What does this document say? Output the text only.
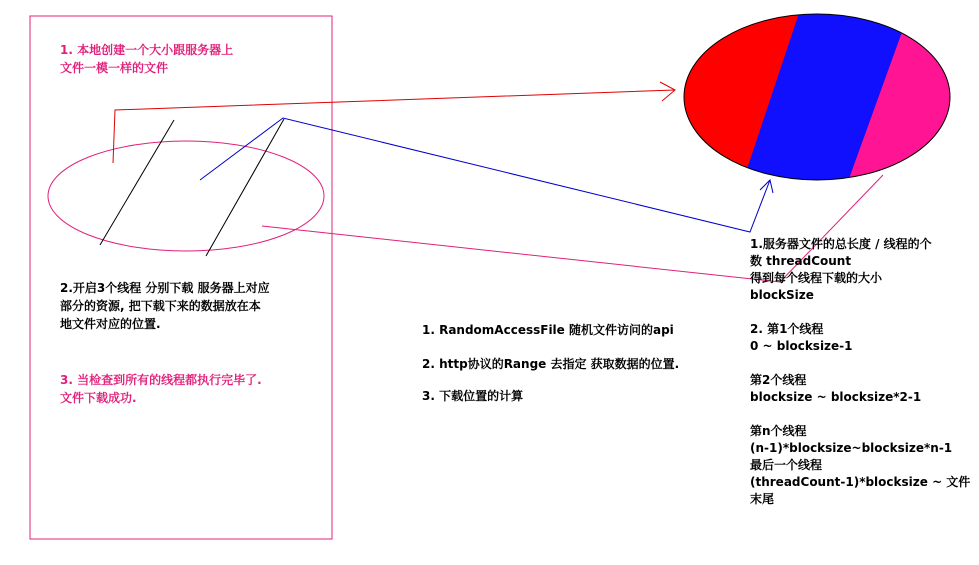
1. 本地创建一个大小跟服务器上
文件一模一样的文件
2.开启3个线程 分别下载 服务器上对应
部分的资源, 把下载下来的数据放在本
地文件对应的位置.
3. 当检查到所有的线程都执行完毕了.
文件下载成功.
1. RandomAccessFile 随机文件访问的api
2. http协议的Range 去指定 获取数据的位置.
3. 下载位置的计算
1.服务器文件的总长度 / 线程的个
数 threadCount
得到每个线程下载的大小
blockSize

2. 第1个线程
0 ~ blocksize-1

第2个线程
blocksize ~ blocksize*2-1

第n个线程
(n-1)*blocksize~blocksize*n-1
最后一个线程
(threadCount-1)*blocksize ~ 文件
末尾
